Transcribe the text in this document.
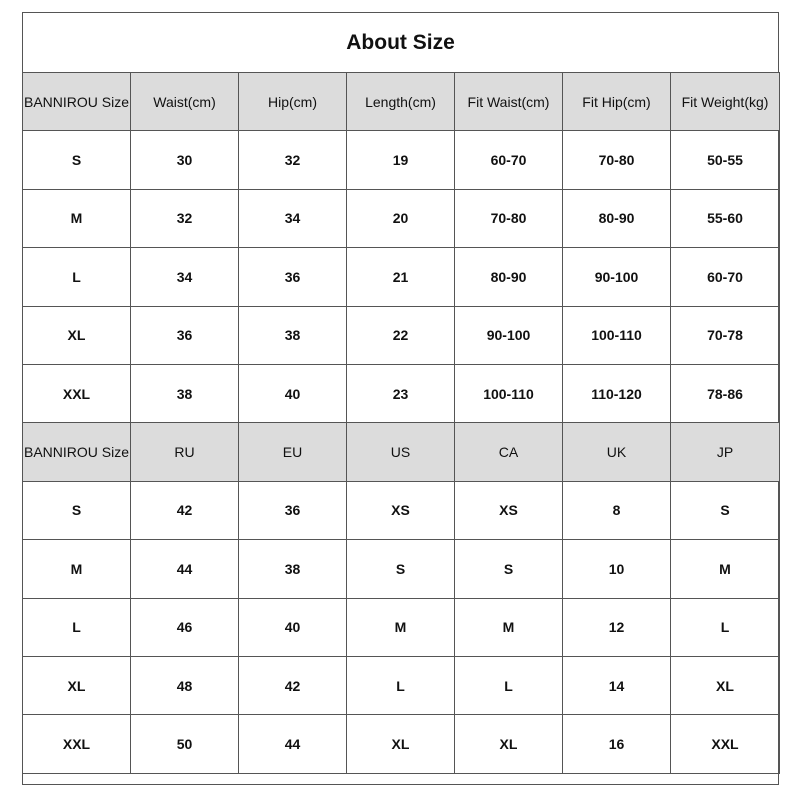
About Size
BANNIROU Size	Waist(cm)	Hip(cm)	Length(cm)	Fit Waist(cm)	Fit Hip(cm)	Fit Weight(kg)
S	30	32	19	60-70	70-80	50-55
M	32	34	20	70-80	80-90	55-60
L	34	36	21	80-90	90-100	60-70
XL	36	38	22	90-100	100-110	70-78
XXL	38	40	23	100-110	110-120	78-86
BANNIROU Size	RU	EU	US	CA	UK	JP
S	42	36	XS	XS	8	S
M	44	38	S	S	10	M
L	46	40	M	M	12	L
XL	48	42	L	L	14	XL
XXL	50	44	XL	XL	16	XXL
